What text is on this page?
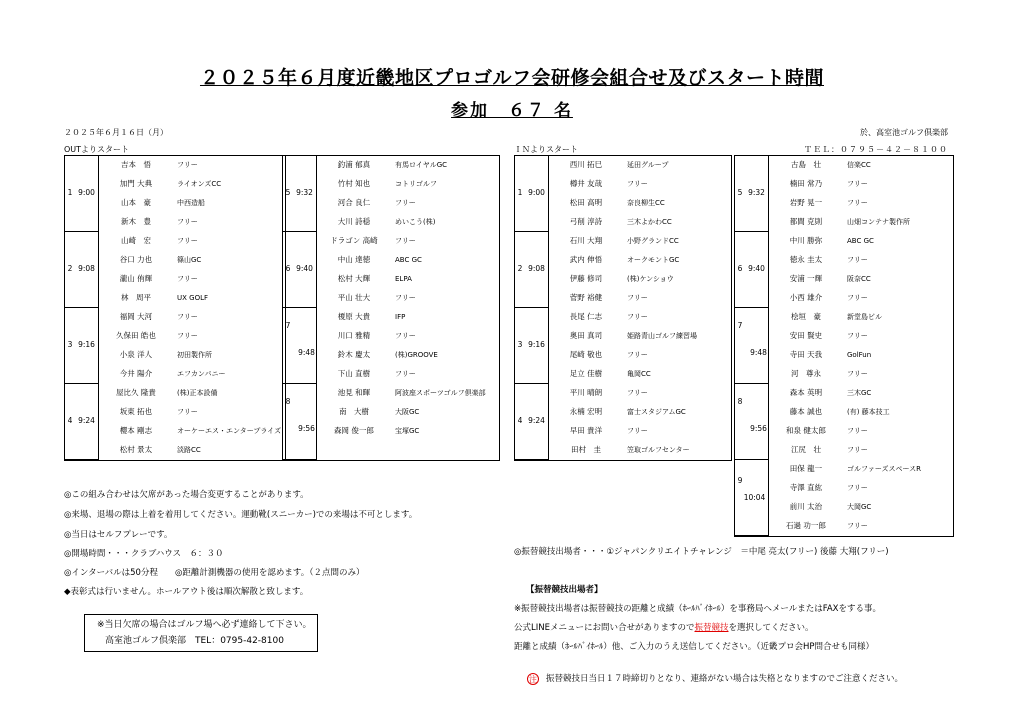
２０２５年６月度近畿地区プロゴルフ会研修会組合せ及びスタート時間
参加　６７ 名
２０２５年６月１６日（月）	於、高室池ゴルフ倶楽部
OUTよりスタート	ＩＮよりスタート	ＴＥＬ：０７９５－４２－８１００
1 9:00
吉本　悟	フリー
加門 大典	ライオンズCC
山本　豪	中西造船
新木　豊	フリー
2 9:08
山崎　宏	フリー
谷口 力也	篠山GC
瀧山 侑輝	フリー
林　周平	UX GOLF
3 9:16
福岡 大河	フリー
久保田 皓也	フリー
小泉 洋人	初田製作所
今井 陽介	エフカンパニー
4 9:24
屋比久 隆貴	(株)正本設備
坂東 拓也	フリー
櫻本 剛志	オーケーエス・エンタープライズ
松村 景太	淡路CC
5 9:32
釣浦 郁真	有馬ロイヤルGC
竹村 知也	コトリゴルフ
河合 良仁	フリー
大川 詩穏	めいこう(株)
6 9:40
ドラゴン 高崎	フリー
中山 達徳	ABC GC
松村 大輝	ELPA
平山 壮大	フリー
7
9:48
榎原 大貴	IFP
川口 雅精	フリー
鈴木 慶太	(株)GROOVE
下山 直樹	フリー
8
9:56
池見 和暉	阿波座スポーツゴルフ倶楽部
南　大樹	大阪GC
森岡 俊一郎	宝塚GC
1 9:00
西川 拓巳	延田グループ
樽井 友哉	フリー
松田 高明	奈良柳生CC
弓削 淳詩	三木よかわCC
2 9:08
石川 大翔	小野グランドCC
武内 伸悟	オークモントGC
伊藤 修司	(株)ケンショウ
菅野 裕健	フリー
3 9:16
長尾 仁志	フリー
奥田 真司	姫路青山ゴルフ練習場
尾崎 敬也	フリー
足立 佳樹	亀岡CC
4 9:24
平川 晴朗	フリー
永楠 宏明	富士スタジアムGC
早田 貴洋	フリー
田村　圭	笠取ゴルフセンター
5 9:32
古島　壮	信楽CC
楠田 常乃	フリー
岩野 晃一	フリー
都間 克則	山畑コンテナ製作所
6 9:40
中川 勝弥	ABC GC
徳永 圭太	フリー
安浦 一輝	阪奈CC
小西 雄介	フリー
7
9:48
桧垣　豪	新堂島ビル
安田 賢史	フリー
寺田 天我	GolFun
河　尊永	フリー
8
9:56
森本 英明	三木GC
藤本 誠也	(有) 藤本技工
和泉 健太郎	フリー
江尻　壮	フリー
9
10:04
田保 龍一	ゴルファーズスペースR
寺澤 直紘	フリー
前川 太治	大岡GC
石過 功一郎	フリー
◎この組み合わせは欠席があった場合変更することがあります。
◎来場、退場の際は上着を着用してください。運動靴(スニーカー)での来場は不可とします。
◎当日はセルフプレーです。
◎開場時間・・・クラブハウス　６：３０
◎インターバルは50分程　　◎距離計測機器の使用を認めます。（２点間のみ）
◆表彰式は行いません。ホールアウト後は順次解散と致します。
※当日欠席の場合はゴルフ場へ必ず連絡して下さい。
高室池ゴルフ倶楽部　TEL：0795-42-8100
◎振替競技出場者・・・①ジャパンクリエイトチャレンジ　＝中尾 亮太(フリー) 後藤 大翔(フリー)
【振替競技出場者】
※振替競技出場者は振替競技の距離と成績（ﾎｰﾙﾊﾞｲﾎｰﾙ）を事務局へメールまたはFAXをする事。
公式LINEメニューにお問い合せがありますので振替競技を選択してください。
距離と成績（ﾎｰﾙﾊﾞｲﾎｰﾙ）他、ご入力のうえ送信してください。（近畿プロ会HP問合せも同様）
注 振替競技日当日１７時締切りとなり、連絡がない場合は失格となりますのでご注意ください。
